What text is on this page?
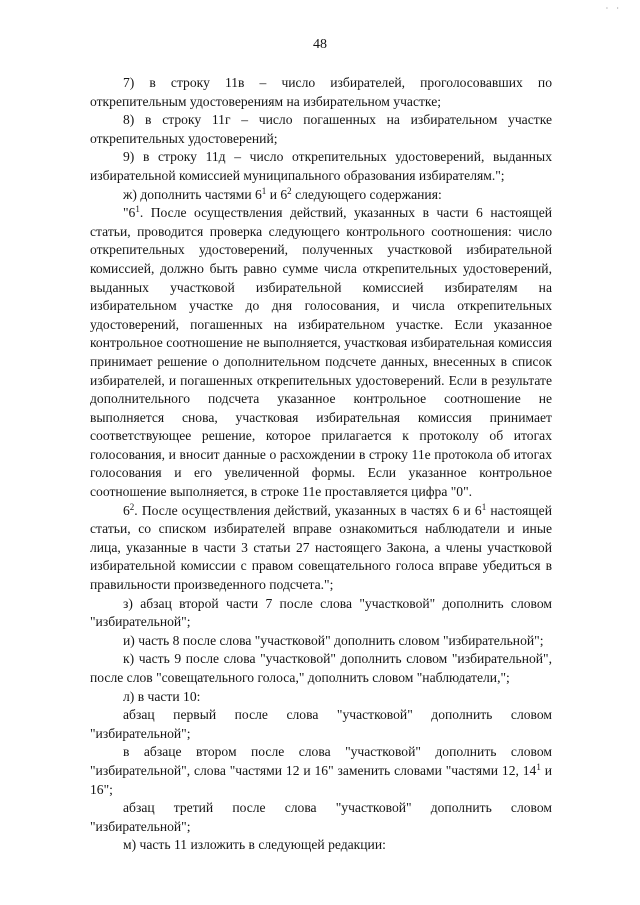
· ·
48

7) в строку 11в – число избирателей, проголосовавших по открепительным удостоверениям на избирательном участке;

8) в строку 11г – число погашенных на избирательном участке открепительных удостоверений;

9) в строку 11д – число открепительных удостоверений, выданных избирательной комиссией муниципального образования избирателям.";

ж) дополнить частями $6^1$ и $6^2$ следующего содержания:

"$6^1$. После осуществления действий, указанных в части 6 настоящей статьи, проводится проверка следующего контрольного соотношения: число открепительных удостоверений, полученных участковой избирательной комиссией, должно быть равно сумме числа открепительных удостоверений, выданных участковой избирательной комиссией избирателям на избирательном участке до дня голосования, и числа открепительных удостоверений, погашенных на избирательном участке. Если указанное контрольное соотношение не выполняется, участковая избирательная комиссия принимает решение о дополнительном подсчете данных, внесенных в список избирателей, и погашенных открепительных удостоверений. Если в результате дополнительного подсчета указанное контрольное соотношение не выполняется снова, участковая избирательная комиссия принимает соответствующее решение, которое прилагается к протоколу об итогах голосования, и вносит данные о расхождении в строку 11е протокола об итогах голосования и его увеличенной формы. Если указанное контрольное соотношение выполняется, в строке 11е проставляется цифра "0".

$6^2$. После осуществления действий, указанных в частях 6 и $6^1$ настоящей статьи, со списком избирателей вправе ознакомиться наблюдатели и иные лица, указанные в части 3 статьи 27 настоящего Закона, а члены участковой избирательной комиссии с правом совещательного голоса вправе убедиться в правильности произведенного подсчета.";

з) абзац второй части 7 после слова "участковой" дополнить словом "избирательной";

и) часть 8 после слова "участковой" дополнить словом "избирательной";

к) часть 9 после слова "участковой" дополнить словом "избирательной", после слов "совещательного голоса," дополнить словом "наблюдатели,";

л) в части 10:

абзац первый после слова "участковой" дополнить словом "избирательной";

в абзаце втором после слова "участковой" дополнить словом "избирательной", слова "частями 12 и 16" заменить словами "частями 12, $14^1$ и 16";

абзац третий после слова "участковой" дополнить словом "избирательной";

м) часть 11 изложить в следующей редакции:
